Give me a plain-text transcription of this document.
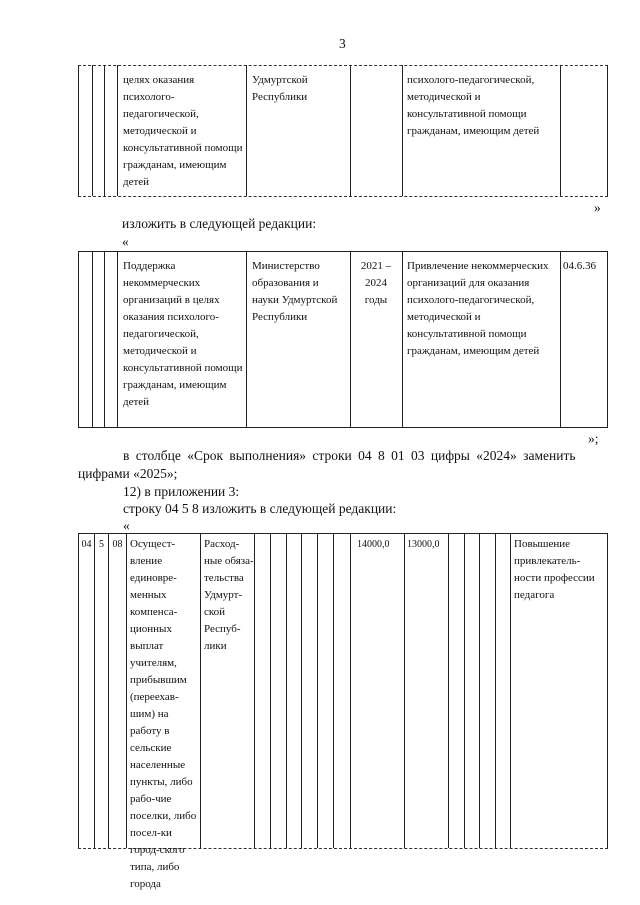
3
целях оказания психолого-педагогической, методической и консультативной помощи гражданам, имеющим детей
Удмуртской Республики
психолого-педагогической, методической и консультативной помощи гражданам, имеющим детей
»
изложить в следующей редакции:
«
Поддержка некоммерческих организаций в целях оказания психолого-педагогической, методической и консультативной помощи гражданам, имеющим детей
Министерство образования и науки Удмуртской Республики
2021 – 2024 годы
Привлечение некоммерческих организаций для оказания психолого-педагогической, методической и консультативной помощи гражданам, имеющим детей
04.6.36
»;
в столбце «Срок выполнения» строки 04 8 01 03 цифры «2024» заменить
цифрами «2025»;
12) в приложении 3:
строку 04 5 8 изложить в следующей редакции:
«
04 5 08 Осущест-вление единовре-менных компенса-ционных выплат учителям, прибывшим (переехав-шим) на работу в сельские населенные пункты, либо рабо-чие поселки, либо посел-ки город-ского типа, либо города
Расход-ные обяза-тельства Удмурт-ской Респуб-лики
14000,0	13000,0	Повышение привлекатель-ности профессии педагога
